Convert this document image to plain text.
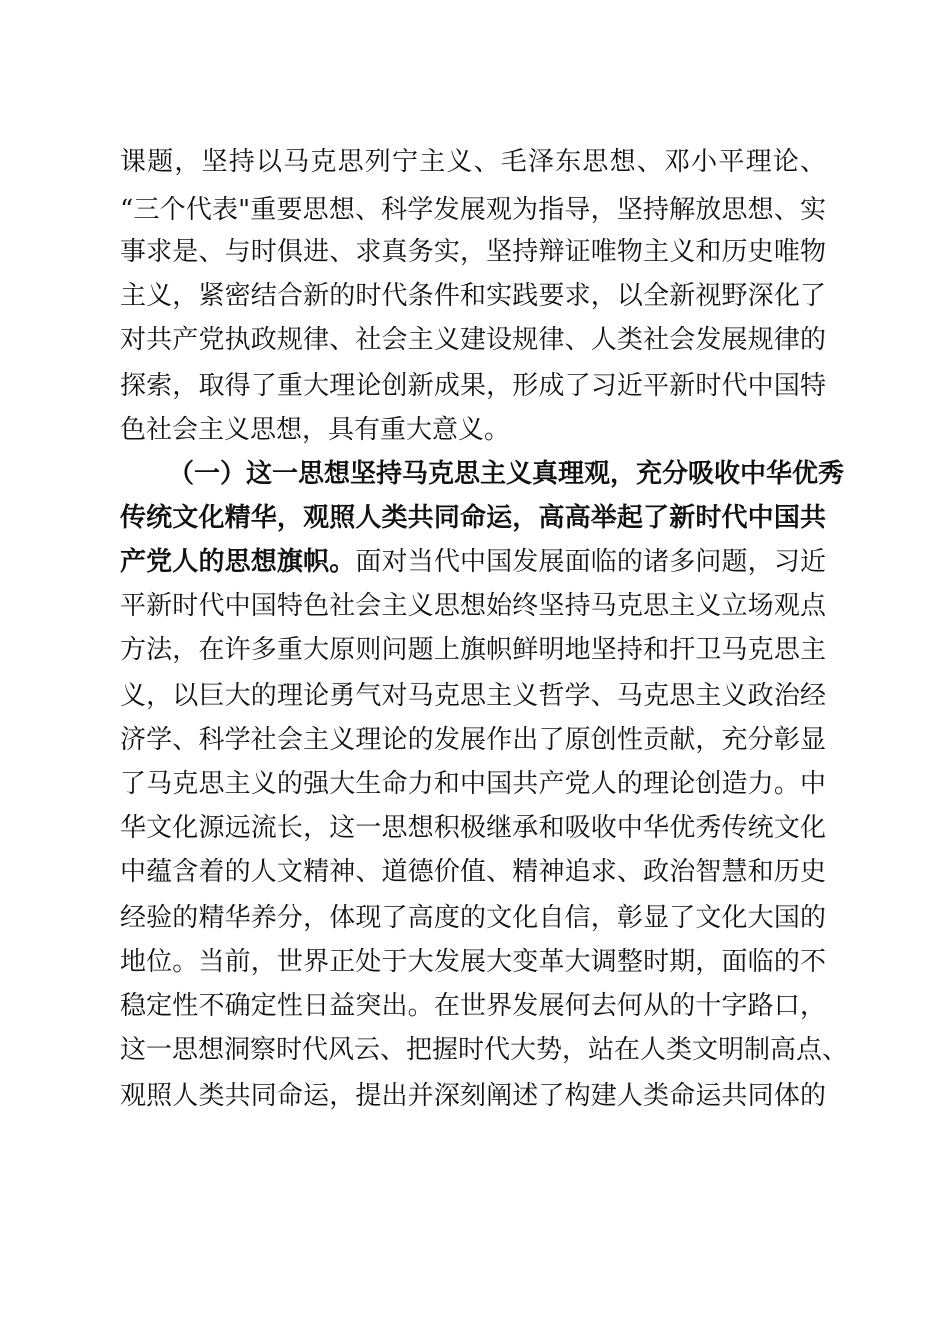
课题，坚持以马克思列宁主义、毛泽东思想、邓小平理论、
“三个代表"重要思想、科学发展观为指导，坚持解放思想、实
事求是、与时俱进、求真务实，坚持辩证唯物主义和历史唯物
主义，紧密结合新的时代条件和实践要求，以全新视野深化了
对共产党执政规律、社会主义建设规律、人类社会发展规律的
探索，取得了重大理论创新成果，形成了习近平新时代中国特
色社会主义思想，具有重大意义。
（一）这一思想坚持马克思主义真理观，充分吸收中华优秀
传统文化精华，观照人类共同命运，高高举起了新时代中国共
产党人的思想旗帜。面对当代中国发展面临的诸多问题，习近
平新时代中国特色社会主义思想始终坚持马克思主义立场观点
方法，在许多重大原则问题上旗帜鲜明地坚持和扞卫马克思主
义，以巨大的理论勇气对马克思主义哲学、马克思主义政治经
济学、科学社会主义理论的发展作出了原创性贡献，充分彰显
了马克思主义的强大生命力和中国共产党人的理论创造力。中
华文化源远流长，这一思想积极继承和吸收中华优秀传统文化
中蕴含着的人文精神、道德价值、精神追求、政治智慧和历史
经验的精华养分，体现了高度的文化自信，彰显了文化大国的
地位。当前，世界正处于大发展大变革大调整时期，面临的不
稳定性不确定性日益突出。在世界发展何去何从的十字路口，
这一思想洞察时代风云、把握时代大势，站在人类文明制高点、
观照人类共同命运，提出并深刻阐述了构建人类命运共同体的
